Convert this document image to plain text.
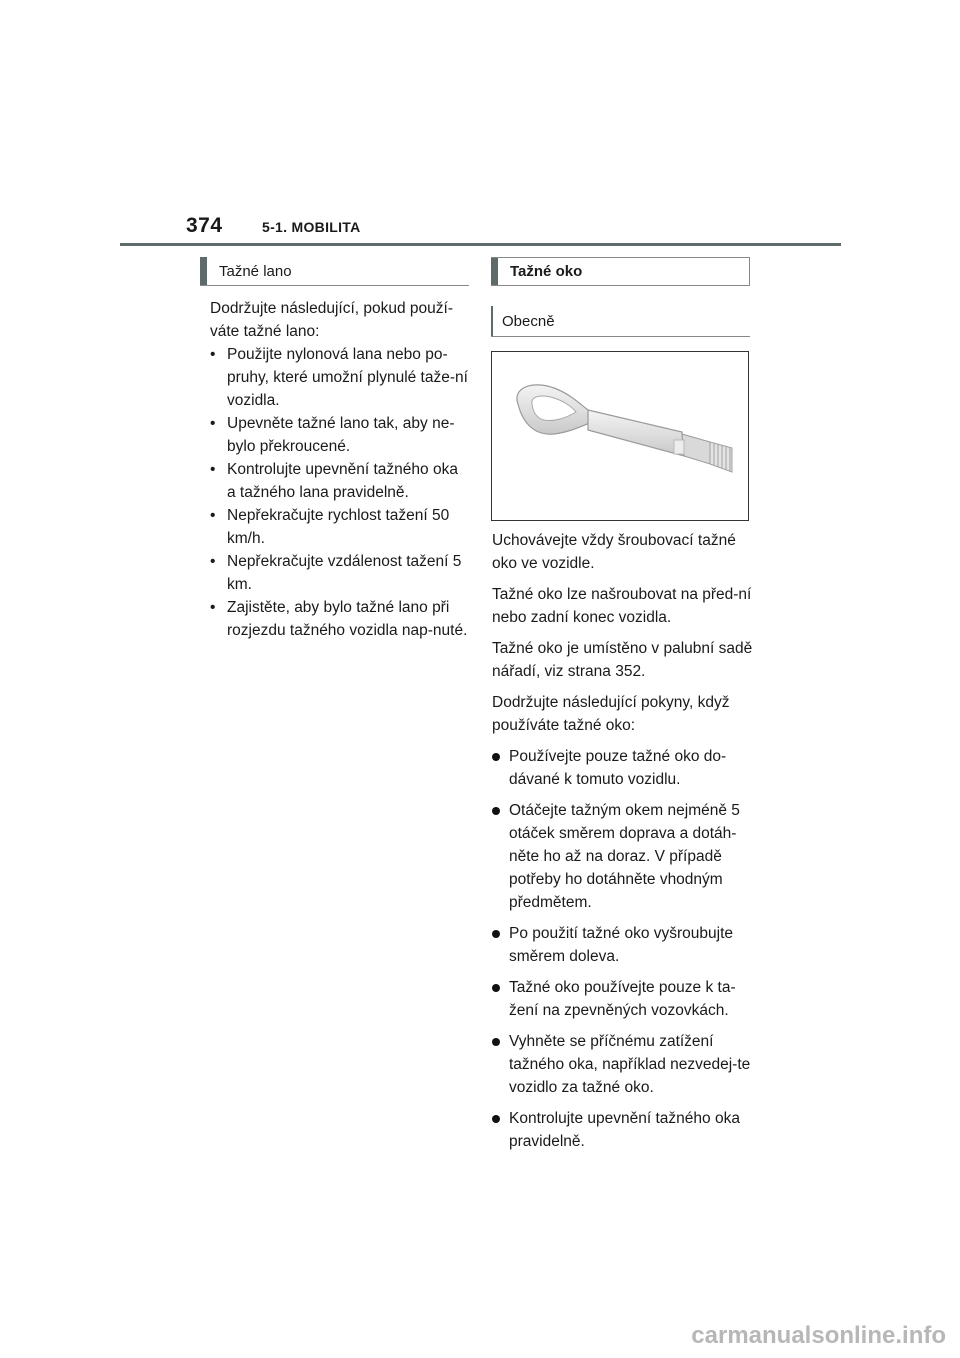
374	5-1. MOBILITA
Tažné lano	Tažné oko
Obecně

Dodržujte následující, pokud použí-váte tažné lano:

• Použijte nylonová lana nebo po-pruhy, které umožní plynulé taže-ní vozidla.
• Upevněte tažné lano tak, aby ne-bylo překroucené.
• Kontrolujte upevnění tažného oka a tažného lana pravidelně.
• Nepřekračujte rychlost tažení 50 km/h.
• Nepřekračujte vzdálenost tažení 5 km.
• Zajistěte, aby bylo tažné lano při rozjezdu tažného vozidla nap-nuté.

Uchovávejte vždy šroubovací tažné oko ve vozidle.

Tažné oko lze našroubovat na před-ní nebo zadní konec vozidla.

Tažné oko je umístěno v palubní sadě nářadí, viz strana 352.

Dodržujte následující pokyny, když používáte tažné oko:

Používejte pouze tažné oko do-dávané k tomuto vozidlu.
Otáčejte tažným okem nejméně 5 otáček směrem doprava a dotáh-něte ho až na doraz. V případě potřeby ho dotáhněte vhodným předmětem.
Po použití tažné oko vyšroubujte směrem doleva.
Tažné oko používejte pouze k ta-žení na zpevněných vozovkách.
Vyhněte se příčnému zatížení tažného oka, například nezvedej-te vozidlo za tažné oko.
Kontrolujte upevnění tažného oka pravidelně.
carmanualsonline.info
